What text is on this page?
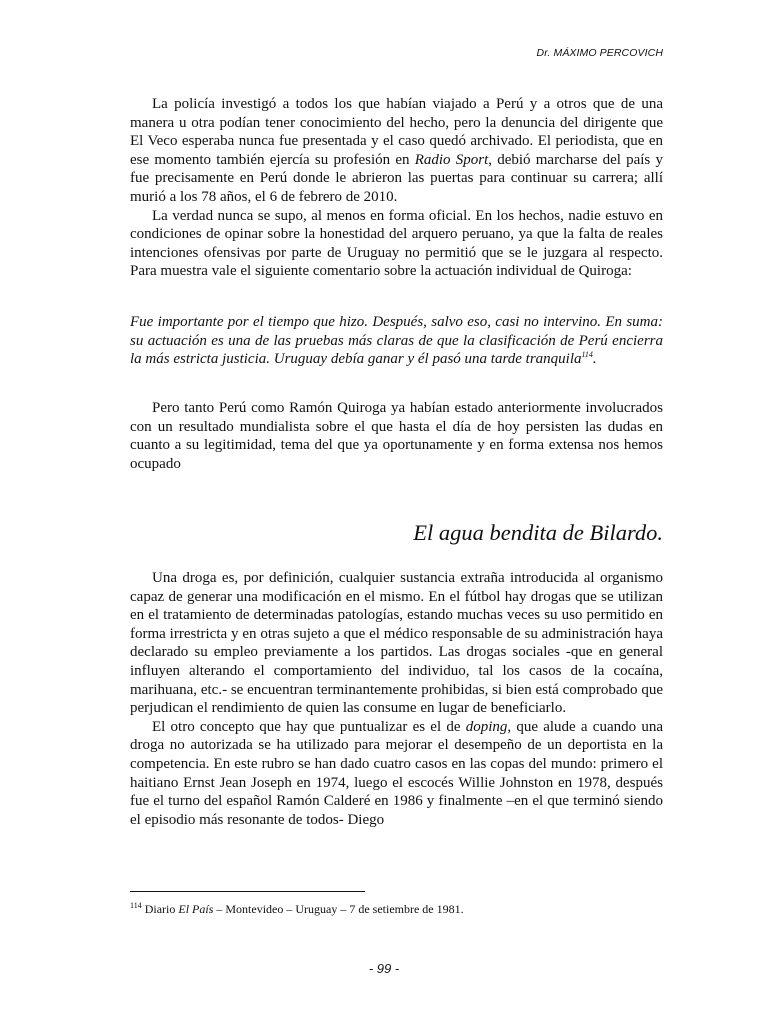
Dr. MÁXIMO PERCOVICH

La policía investigó a todos los que habían viajado a Perú y a otros que de una manera u otra podían tener conocimiento del hecho, pero la denuncia del dirigente que El Veco esperaba nunca fue presentada y el caso quedó archivado. El periodista, que en ese momento también ejercía su profesión en Radio Sport, debió marcharse del país y fue precisamente en Perú donde le abrieron las puertas para continuar su carrera; allí murió a los 78 años, el 6 de febrero de 2010.

La verdad nunca se supo, al menos en forma oficial. En los hechos, nadie estuvo en condiciones de opinar sobre la honestidad del arquero peruano, ya que la falta de reales intenciones ofensivas por parte de Uruguay no permitió que se le juzgara al respecto. Para muestra vale el siguiente comentario sobre la actuación individual de Quiroga:

Fue importante por el tiempo que hizo. Después, salvo eso, casi no intervino. En suma: su actuación es una de las pruebas más claras de que la clasificación de Perú encierra la más estricta justicia. Uruguay debía ganar y él pasó una tarde tranquila$^{114}$.

Pero tanto Perú como Ramón Quiroga ya habían estado anteriormente involucrados con un resultado mundialista sobre el que hasta el día de hoy persisten las dudas en cuanto a su legitimidad, tema del que ya oportunamente y en forma extensa nos hemos ocupado

El agua bendita de Bilardo.

Una droga es, por definición, cualquier sustancia extraña introducida al organismo capaz de generar una modificación en el mismo. En el fútbol hay drogas que se utilizan en el tratamiento de determinadas patologías, estando muchas veces su uso permitido en forma irrestricta y en otras sujeto a que el médico responsable de su administración haya declarado su empleo previamente a los partidos. Las drogas sociales -que en general influyen alterando el comportamiento del individuo, tal los casos de la cocaína, marihuana, etc.- se encuentran terminantemente prohibidas, si bien está comprobado que perjudican el rendimiento de quien las consume en lugar de beneficiarlo.

El otro concepto que hay que puntualizar es el de doping, que alude a cuando una droga no autorizada se ha utilizado para mejorar el desempeño de un deportista en la competencia. En este rubro se han dado cuatro casos en las copas del mundo: primero el haitiano Ernst Jean Joseph en 1974, luego el escocés Willie Johnston en 1978, después fue el turno del español Ramón Calderé en 1986 y finalmente –en el que terminó siendo el episodio más resonante de todos- Diego

$^{114}$ Diario El País – Montevideo – Uruguay – 7 de setiembre de 1981.
- 99 -
